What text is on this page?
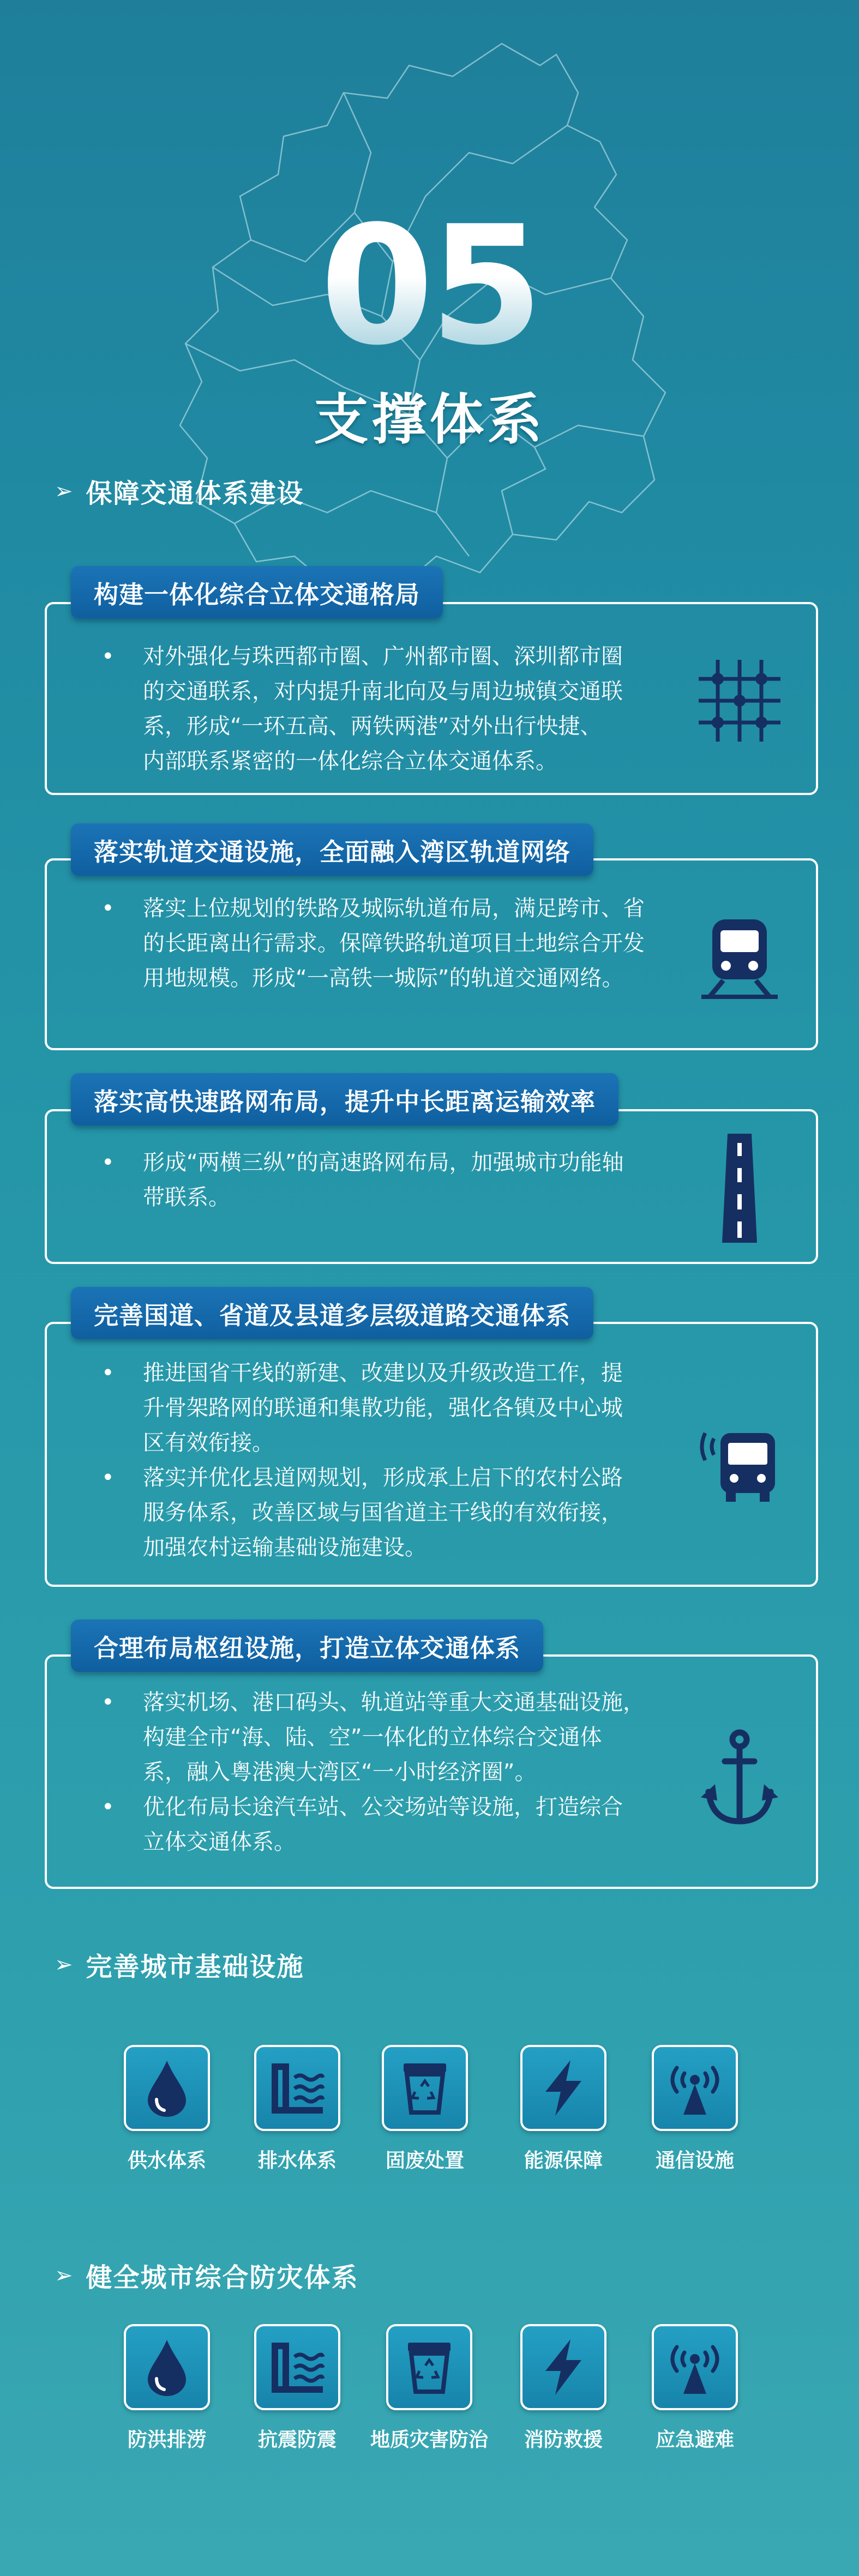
05
支撑体系
➢ 保障交通体系建设
• 对外强化与珠西都市圈、广州都市圈、深圳都市圈
的交通联系，对内提升南北向及与周边城镇交通联
系，形成“一环五高、两铁两港”对外出行快捷、
内部联系紧密的一体化综合立体交通体系。
构建一体化综合立体交通格局
• 落实上位规划的铁路及城际轨道布局，满足跨市、省
的长距离出行需求。保障铁路轨道项目土地综合开发
用地规模。形成“一高铁一城际”的轨道交通网络。
落实轨道交通设施，全面融入湾区轨道网络
• 形成“两横三纵”的高速路网布局，加强城市功能轴
带联系。
落实高快速路网布局，提升中长距离运输效率
• 推进国省干线的新建、改建以及升级改造工作，提
升骨架路网的联通和集散功能，强化各镇及中心城
区有效衔接。
• 落实并优化县道网规划，形成承上启下的农村公路
服务体系，改善区域与国省道主干线的有效衔接，
加强农村运输基础设施建设。
完善国道、省道及县道多层级道路交通体系
• 落实机场、港口码头、轨道站等重大交通基础设施，
构建全市“海、陆、空”一体化的立体综合交通体
系，融入粤港澳大湾区“一小时经济圈”。
• 优化布局长途汽车站、公交场站等设施，打造综合
立体交通体系。
合理布局枢纽设施，打造立体交通体系
➢ 完善城市基础设施
供水体系	排水体系	固废处置	能源保障	通信设施
➢ 健全城市综合防灾体系
防洪排涝	抗震防震	地质灾害防治	消防救援	应急避难
